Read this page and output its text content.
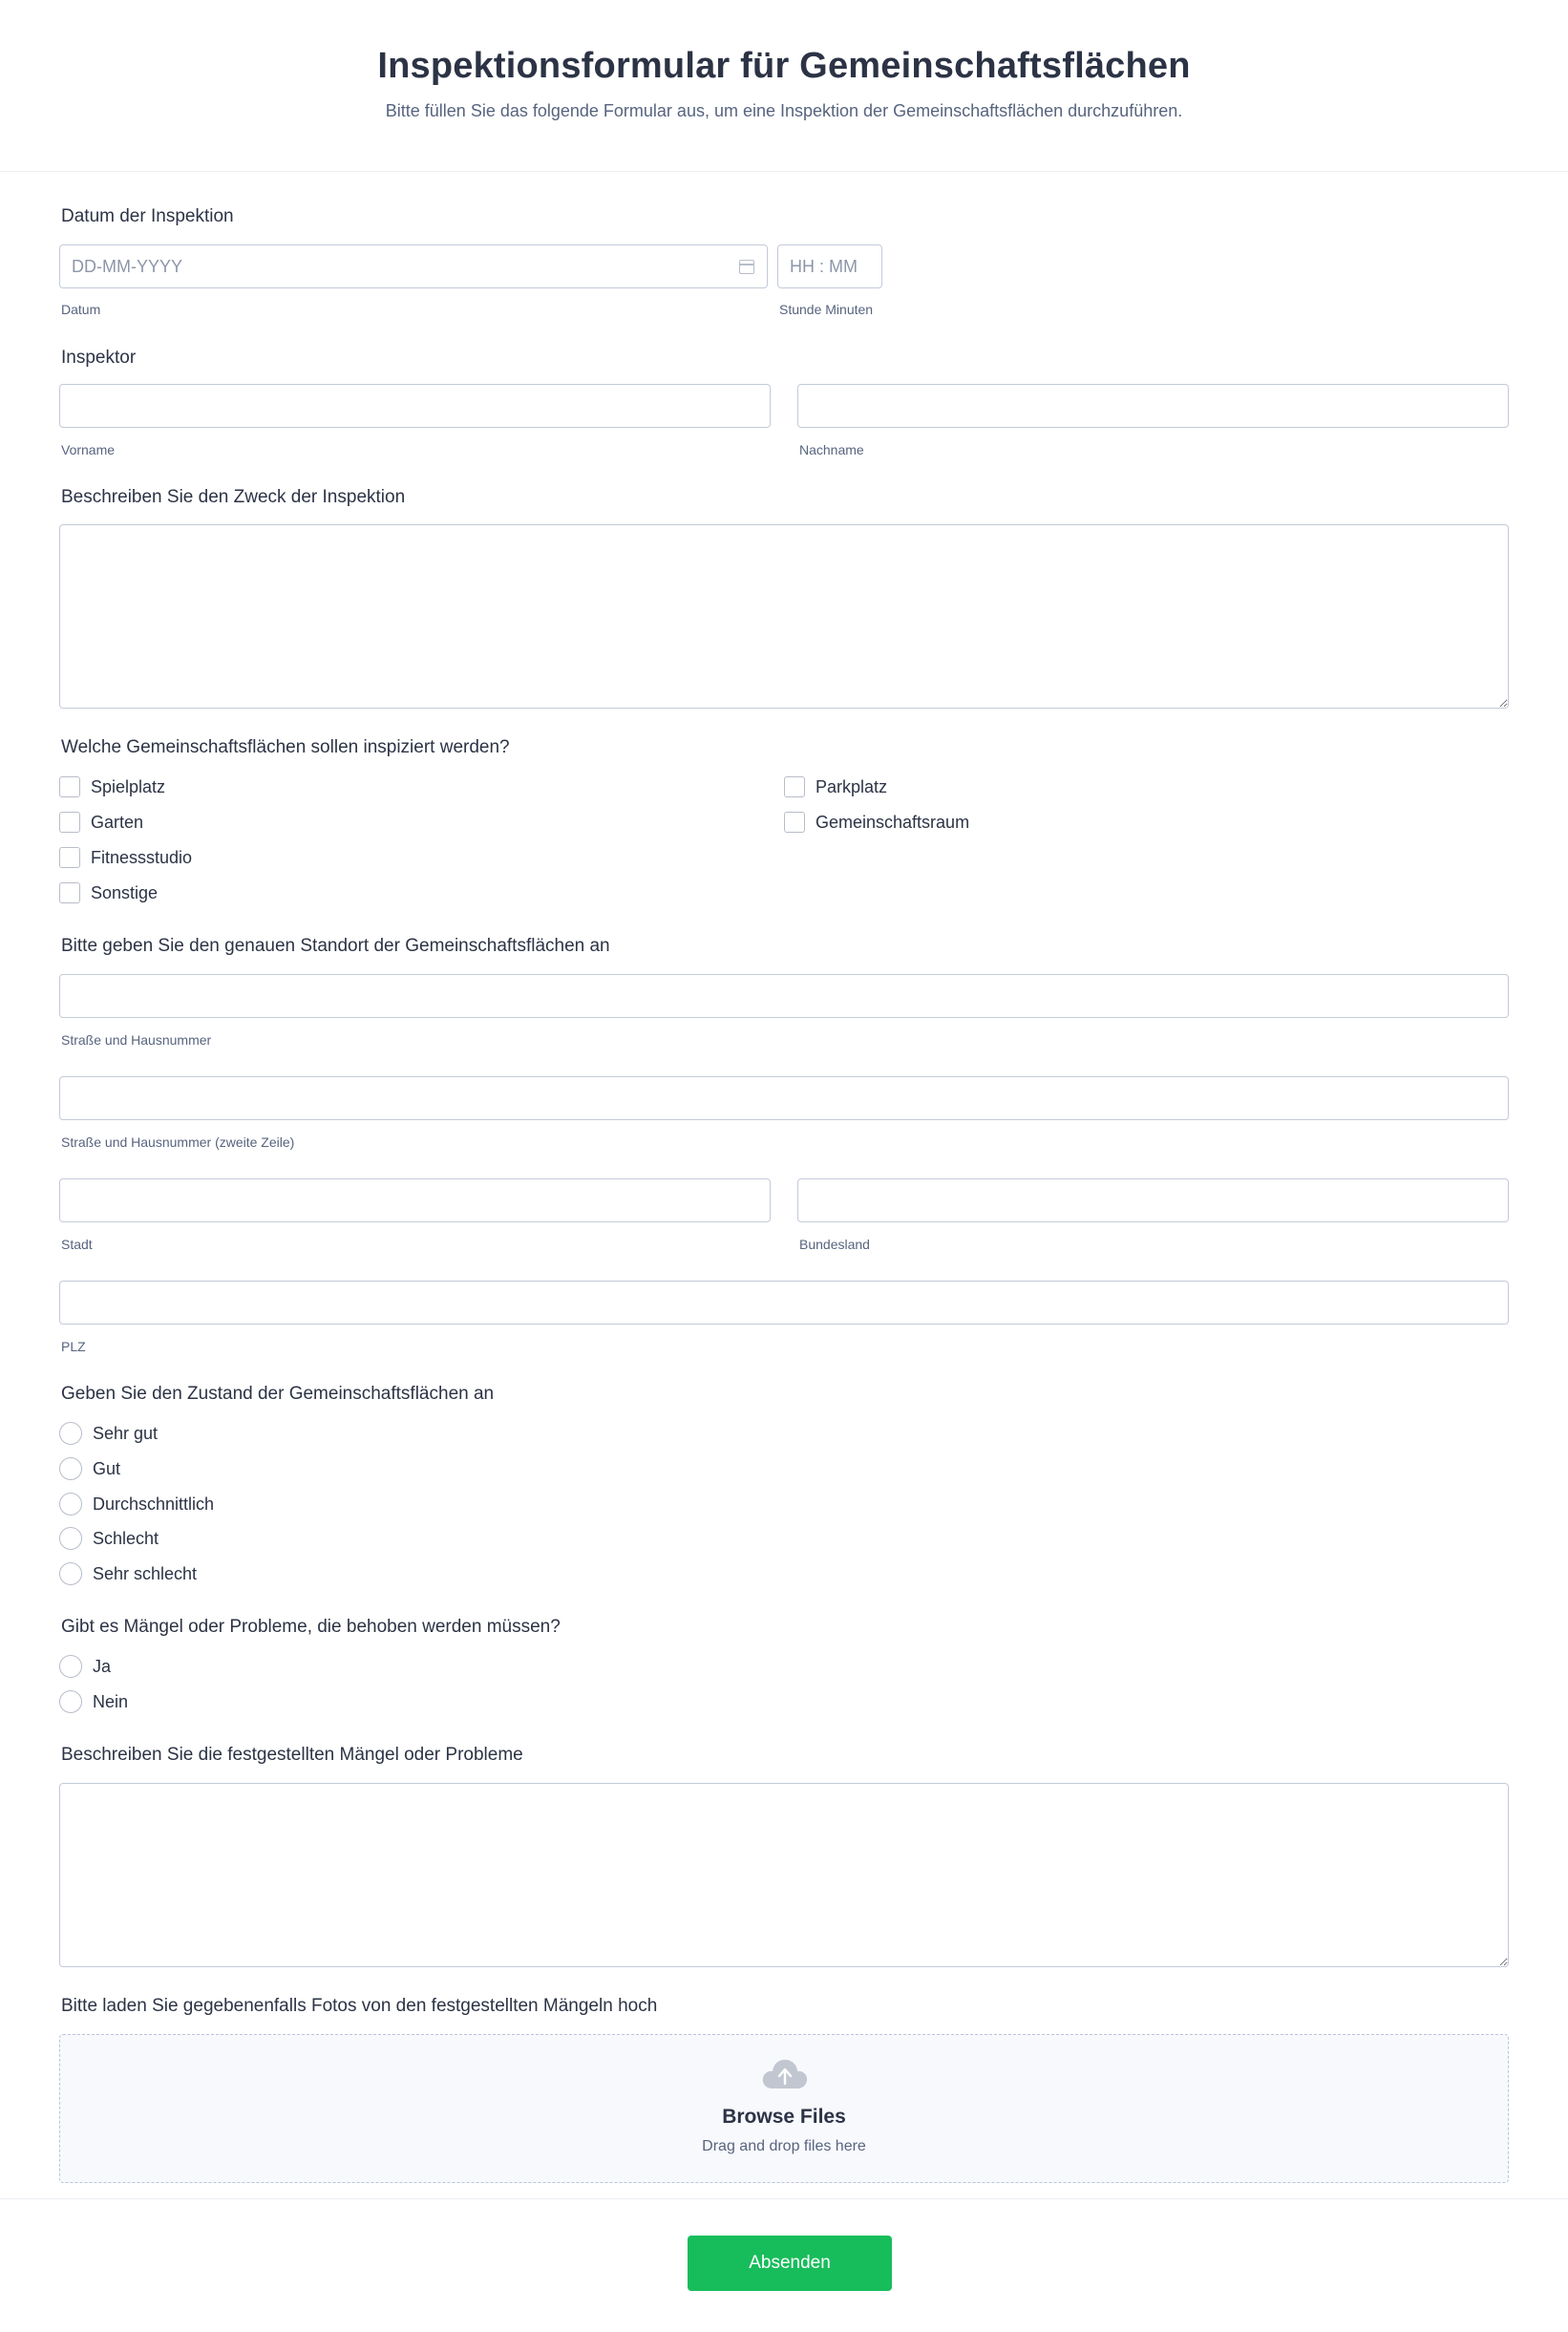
Inspektionsformular für Gemeinschaftsflächen
Bitte füllen Sie das folgende Formular aus, um eine Inspektion der Gemeinschaftsflächen durchzuführen.
Datum der Inspektion
DD-MM-YYYY
HH : MM
Datum	Stunde Minuten
Inspektor
Vorname	Nachname
Beschreiben Sie den Zweck der Inspektion
Welche Gemeinschaftsflächen sollen inspiziert werden?
Spielplatz
Garten
Fitnessstudio
Sonstige
Parkplatz
Gemeinschaftsraum
Bitte geben Sie den genauen Standort der Gemeinschaftsflächen an
Straße und Hausnummer
Straße und Hausnummer (zweite Zeile)
Stadt	Bundesland
PLZ
Geben Sie den Zustand der Gemeinschaftsflächen an
Sehr gut
Gut
Durchschnittlich
Schlecht
Sehr schlecht
Gibt es Mängel oder Probleme, die behoben werden müssen?
Ja
Nein
Beschreiben Sie die festgestellten Mängel oder Probleme
Bitte laden Sie gegebenenfalls Fotos von den festgestellten Mängeln hoch
Browse Files
Drag and drop files here
Absenden
